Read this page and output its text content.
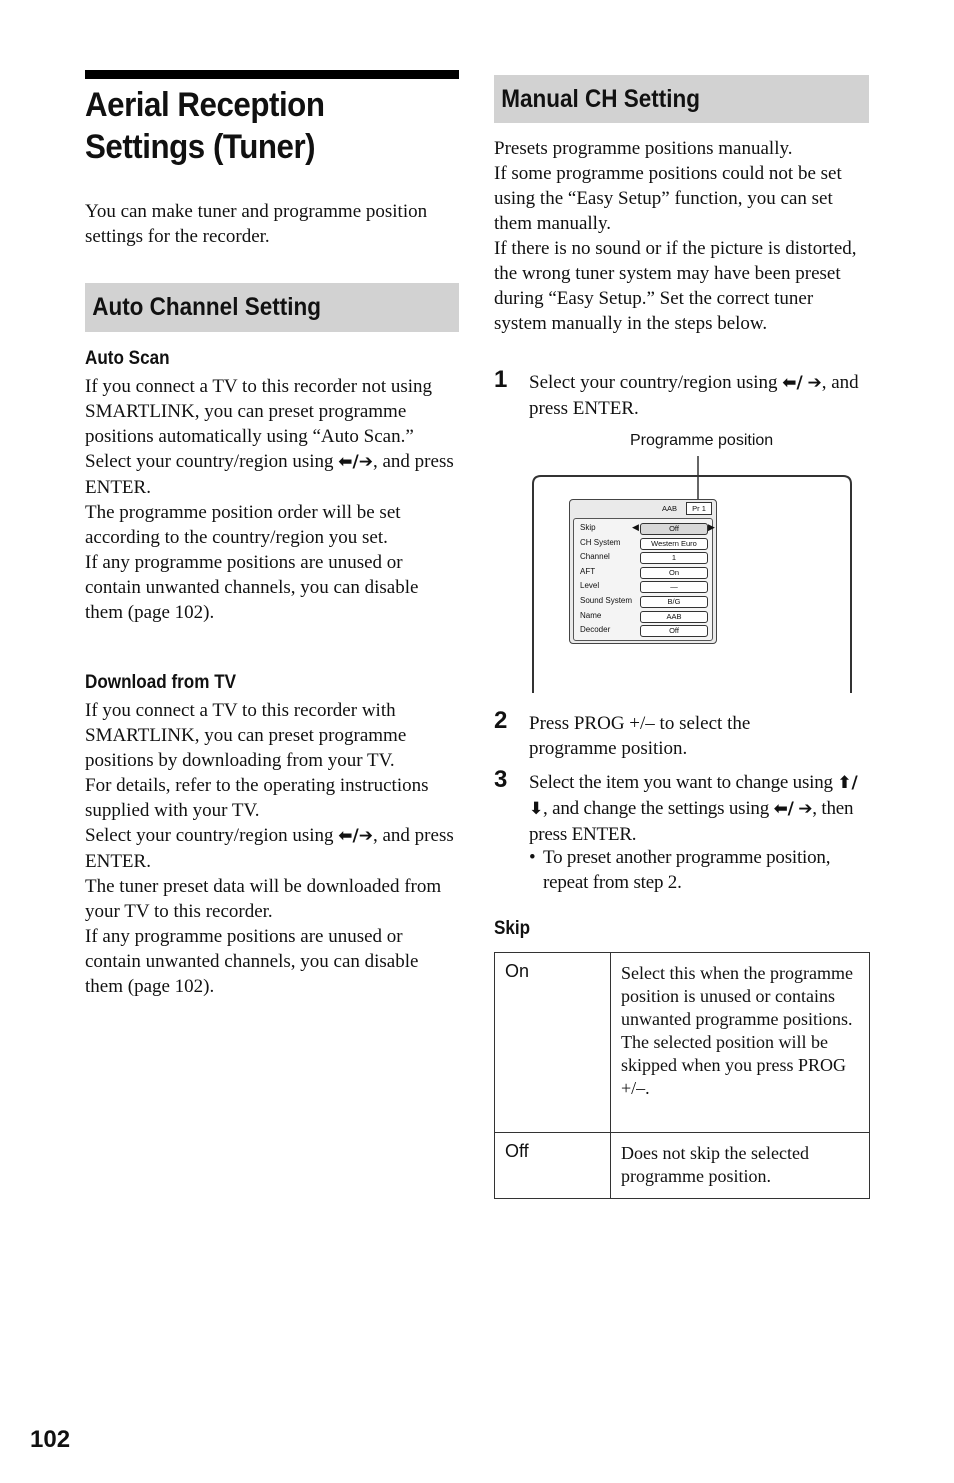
Aerial Reception
Settings (Tuner)
You can make tuner and programme position settings for the recorder.
Auto Channel Setting
Auto Scan

If you connect a TV to this recorder not using SMARTLINK, you can preset programme positions automatically using “Auto Scan.”

Select your country/region using ⬅/➔, and press ENTER.

The programme position order will be set according to the country/region you set.

If any programme positions are unused or contain unwanted channels, you can disable them (page 102).

Download from TV

If you connect a TV to this recorder with SMARTLINK, you can preset programme positions by downloading from your TV.

For details, refer to the operating instructions supplied with your TV.

Select your country/region using ⬅/➔, and press ENTER.

The tuner preset data will be downloaded from your TV to this recorder.

If any programme positions are unused or contain unwanted channels, you can disable them (page 102).

Manual CH Setting

Presets programme positions manually.

If some programme positions could not be set using the “Easy Setup” function, you can set them manually.

If there is no sound or if the picture is distorted, the wrong tuner system may have been preset during “Easy Setup.” Set the correct tuner system manually in the steps below.

1 Select your country/region using ⬅/ ➔, and press ENTER.
Programme position
AAB	Pr 1
Skip	◀	Off	▶
CH System	Western Euro
Channel	1
AFT	On
Level	—
Sound System	B/G
Name	AAB
Decoder	Off
2 Press PROG +/– to select the programme position.
3 Select the item you want to change using ⬆/⬇, and change the settings using ⬅/ ➔, then press ENTER.
• To preset another programme position, repeat from step 2.
Skip
On	Select this when the programme position is unused or contains unwanted programme positions.
The selected position will be skipped when you press PROG +/–.

Off	Does not skip the selected programme position.
102
